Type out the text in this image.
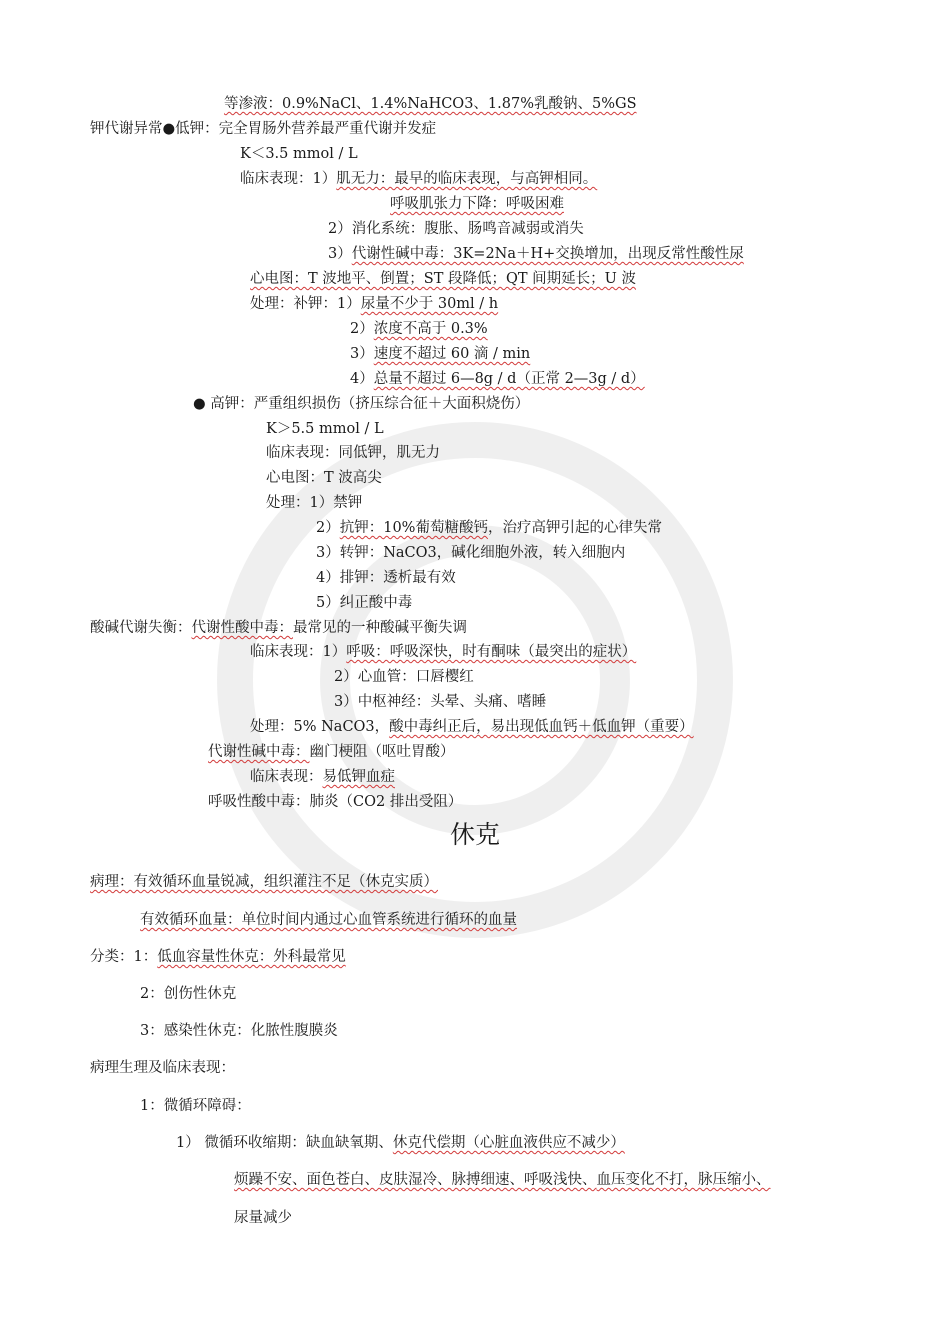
等渗液：0.9%NaCl、1.4%NaHCO3、1.87%乳酸钠、5%GS
钾代谢异常●低钾：完全胃肠外营养最严重代谢并发症
K＜3.5 mmol / L
临床表现：1）肌无力：最早的临床表现，与高钾相同。
呼吸肌张力下降：呼吸困难
2）消化系统：腹胀、肠鸣音减弱或消失
3）代谢性碱中毒：3K=2Na＋H+交换增加，出现反常性酸性尿
心电图：T 波地平、倒置；ST 段降低；QT 间期延长；U 波
处理：补钾：1）尿量不少于 30ml / h
2）浓度不高于 0.3%
3）速度不超过 60 滴 / min
4）总量不超过 6—8g / d（正常 2—3g / d）
● 高钾：严重组织损伤（挤压综合征＋大面积烧伤）
K＞5.5 mmol / L
临床表现：同低钾，肌无力
心电图：T 波高尖
处理：1）禁钾
2）抗钾：10%葡萄糖酸钙，治疗高钾引起的心律失常
3）转钾：NaCO3，碱化细胞外液，转入细胞内
4）排钾：透析最有效
5）纠正酸中毒
酸碱代谢失衡：代谢性酸中毒：最常见的一种酸碱平衡失调
临床表现：1）呼吸：呼吸深快，时有酮味（最突出的症状）
2）心血管：口唇樱红
3）中枢神经：头晕、头痛、嗜睡
处理：5% NaCO3，酸中毒纠正后，易出现低血钙＋低血钾（重要）
代谢性碱中毒：幽门梗阻（呕吐胃酸）
临床表现：易低钾血症
呼吸性酸中毒：肺炎（CO2 排出受阻）
休克
病理：有效循环血量锐减，组织灌注不足（休克实质）
有效循环血量：单位时间内通过心血管系统进行循环的血量
分类：1：低血容量性休克：外科最常见
2：创伤性休克
3：感染性休克：化脓性腹膜炎
病理生理及临床表现：
1：微循环障碍：
1） 微循环收缩期：缺血缺氧期、休克代偿期（心脏血液供应不减少）
烦躁不安、面色苍白、皮肤湿冷、脉搏细速、呼吸浅快、血压变化不打，脉压缩小、
尿量减少
